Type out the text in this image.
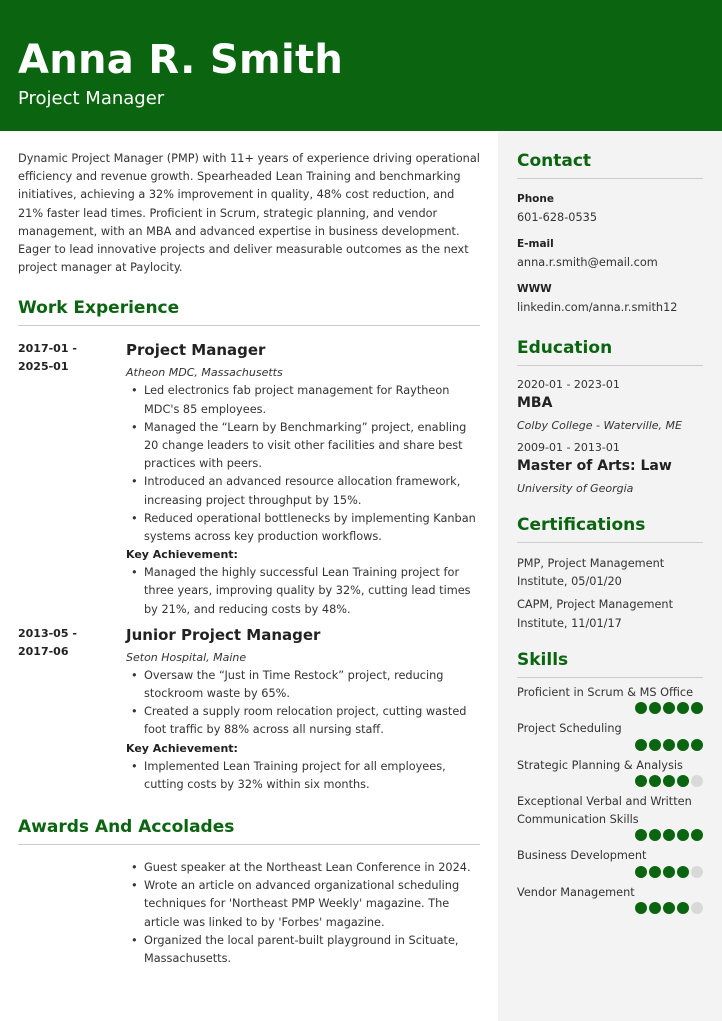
Anna R. Smith
Project Manager

Dynamic Project Manager (PMP) with 11+ years of experience driving operational efficiency and revenue growth. Spearheaded Lean Training and benchmarking initiatives, achieving a 32% improvement in quality, 48% cost reduction, and 21% faster lead times. Proficient in Scrum, strategic planning, and vendor management, with an MBA and advanced expertise in business development. Eager to lead innovative projects and deliver measurable outcomes as the next project manager at Paylocity.

Work Experience
2017-01 -
2025-01
Project Manager
Atheon MDC, Massachusetts
• Led electronics fab project management for Raytheon MDC's 85 employees.
• Managed the “Learn by Benchmarking” project, enabling 20 change leaders to visit other facilities and share best practices with peers.
• Introduced an advanced resource allocation framework, increasing project throughput by 15%.
• Reduced operational bottlenecks by implementing Kanban systems across key production workflows.
Key Achievement:
• Managed the highly successful Lean Training project for three years, improving quality by 32%, cutting lead times by 21%, and reducing costs by 48%.
2013-05 -
2017-06
Junior Project Manager
Seton Hospital, Maine
• Oversaw the “Just in Time Restock” project, reducing stockroom waste by 65%.
• Created a supply room relocation project, cutting wasted foot traffic by 88% across all nursing staff.
Key Achievement:
• Implemented Lean Training project for all employees, cutting costs by 32% within six months.
Awards And Accolades
• Guest speaker at the Northeast Lean Conference in 2024.
• Wrote an article on advanced organizational scheduling techniques for 'Northeast PMP Weekly' magazine. The article was linked to by 'Forbes' magazine.
• Organized the local parent-built playground in Scituate, Massachusetts.
Contact
Phone
601-628-0535
E-mail
anna.r.smith@email.com
WWW
linkedin.com/anna.r.smith12
Education
2020-01 - 2023-01
MBA
Colby College - Waterville, ME
2009-01 - 2013-01
Master of Arts: Law
University of Georgia
Certifications
PMP, Project Management Institute, 05/01/20
CAPM, Project Management Institute, 11/01/17
Skills
Proficient in Scrum & MS Office
Project Scheduling
Strategic Planning & Analysis
Exceptional Verbal and Written Communication Skills
Business Development
Vendor Management
